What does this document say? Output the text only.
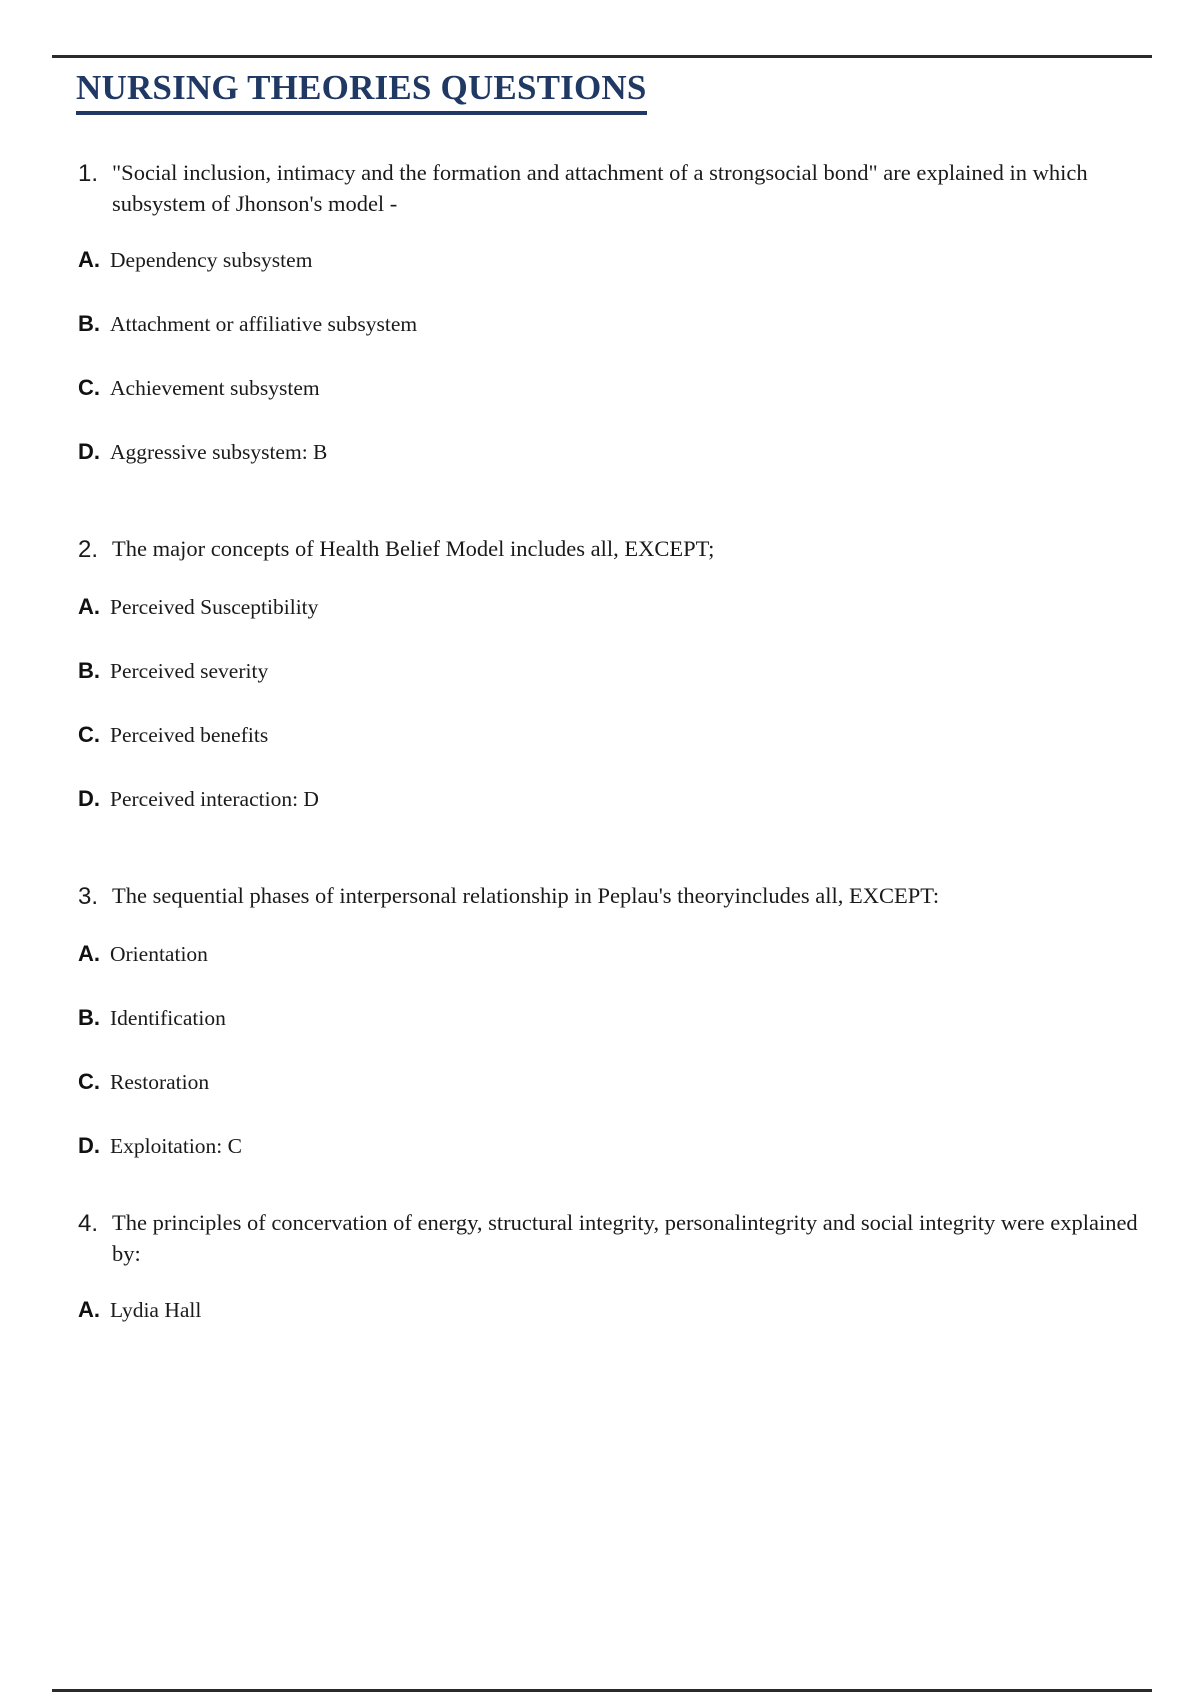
NURSING THEORIES QUESTIONS
1. "Social inclusion, intimacy and the formation and attachment of a strongsocial bond" are explained in which subsystem of Jhonson's model -
A. Dependency subsystem
B. Attachment or affiliative subsystem
C. Achievement subsystem
D. Aggressive subsystem: B
2. The major concepts of Health Belief Model includes all, EXCEPT;
A. Perceived Susceptibility
B. Perceived severity
C. Perceived benefits
D. Perceived interaction: D
3. The sequential phases of interpersonal relationship in Peplau's theoryincludes all, EXCEPT:
A. Orientation
B. Identification
C. Restoration
D. Exploitation: C
4. The principles of concervation of energy, structural integrity, personalintegrity and social integrity were explained by:
A. Lydia Hall
